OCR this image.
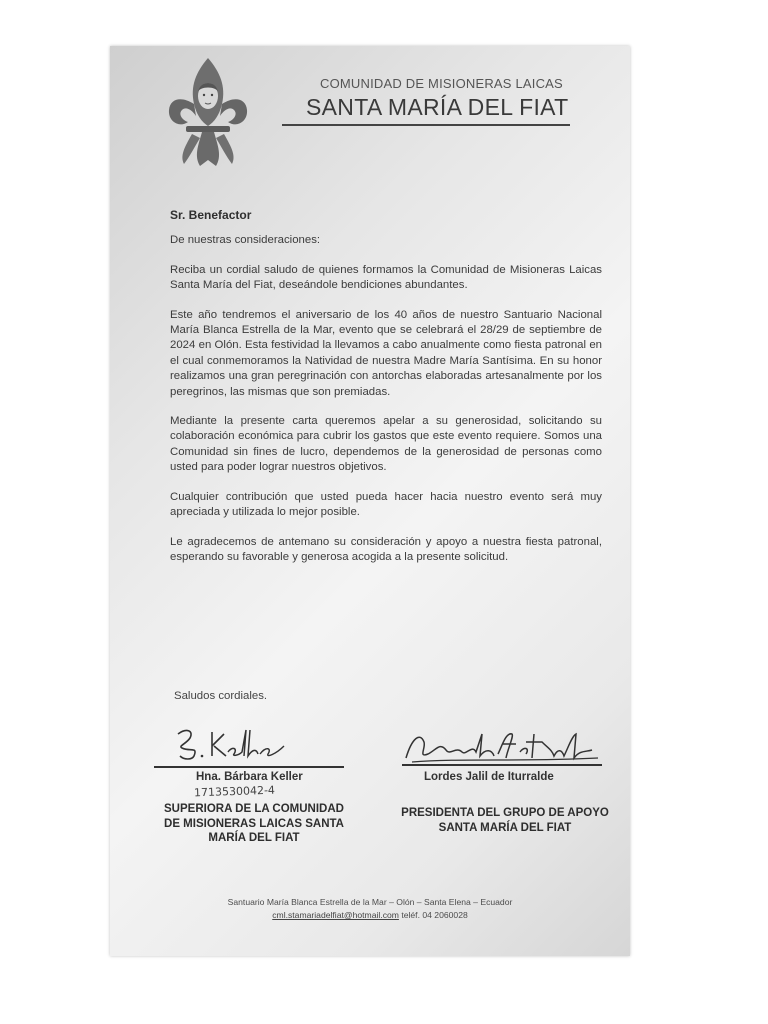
COMUNIDAD DE MISIONERAS LAICAS
SANTA MARÍA DEL FIAT

Sr. Benefactor

De nuestras consideraciones:

Reciba un cordial saludo de quienes formamos la Comunidad de Misioneras Laicas Santa María del Fiat, deseándole bendiciones abundantes.

Este año tendremos el aniversario de los 40 años de nuestro Santuario Nacional María Blanca Estrella de la Mar, evento que se celebrará el 28/29 de septiembre de 2024 en Olón. Esta festividad la llevamos a cabo anualmente como fiesta patronal en el cual conmemoramos la Natividad de nuestra Madre María Santísima. En su honor realizamos una gran peregrinación con antorchas elaboradas artesanalmente por los peregrinos, las mismas que son premiadas.

Mediante la presente carta queremos apelar a su generosidad, solicitando su colaboración económica para cubrir los gastos que este evento requiere. Somos una Comunidad sin fines de lucro, dependemos de la generosidad de personas como usted para poder lograr nuestros objetivos.

Cualquier contribución que usted pueda hacer hacia nuestro evento será muy apreciada y utilizada lo mejor posible.

Le agradecemos de antemano su consideración y apoyo a nuestra fiesta patronal, esperando su favorable y generosa acogida a la presente solicitud.

Saludos cordiales.
Hna. Bárbara Keller
1713530042-4
SUPERIORA DE LA COMUNIDAD
DE MISIONERAS LAICAS SANTA
MARÍA DEL FIAT
Lordes Jalil de Iturralde
PRESIDENTA DEL GRUPO DE APOYO
SANTA MARÍA DEL FIAT
Santuario María Blanca Estrella de la Mar – Olón – Santa Elena – Ecuador
cml.stamariadelfiat@hotmail.com teléf. 04 2060028
